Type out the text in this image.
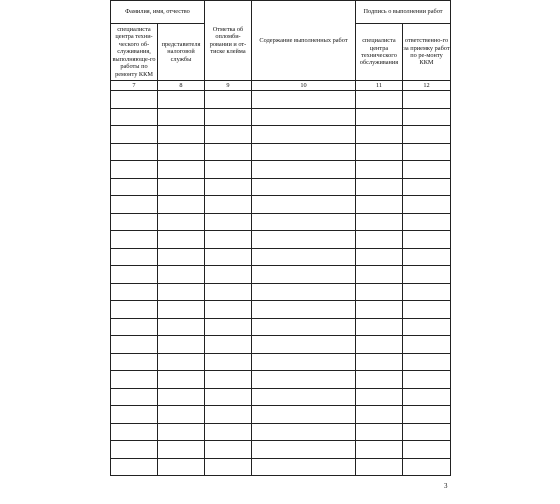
Фамилия, имя, отчество		Отметка об опломби-ровании и от-тиске клейма	Содержание выполненных работ	Подпись о выполнении работ	
специалиста центра техни-ческого об-служивания, выполняюще-го работы по ремонту ККМ	представителя налоговой службы			специалиста центра технического обслуживания	ответственно-го за приемку работ по ре-монту ККМ
7	8	9	10	11	12

3
